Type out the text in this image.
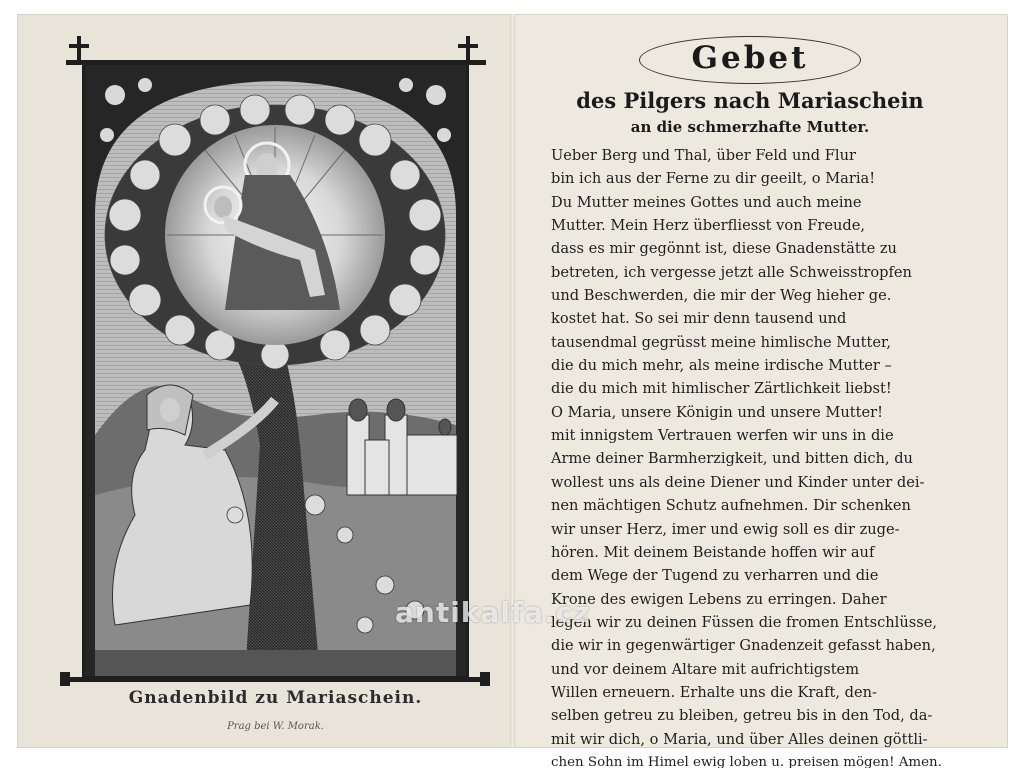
Gnadenbild zu Mariaschein.
Prag bei W. Morak.
Gebet
des Pilgers nach Mariaschein
an die schmerzhafte Mutter.
Ueber Berg und Thal, über Feld und Flur
bin ich aus der Ferne zu dir geeilt, o Maria!
Du Mutter meines Gottes und auch meine
Mutter. Mein Herz überfliesst von Freude,
dass es mir gegönnt ist, diese Gnadenstätte zu
betreten, ich vergesse jetzt alle Schweisstropfen
und Beschwerden, die mir der Weg hieher ge.
kostet hat. So sei mir denn tausend und
tausendmal gegrüsst meine himlische Mutter,
die du mich mehr, als meine irdische Mutter –
die du mich mit himlischer Zärtlichkeit liebst!
O Maria, unsere Königin und unsere Mutter!
mit innigstem Vertrauen werfen wir uns in die
Arme deiner Barmherzigkeit, und bitten dich, du
wollest uns als deine Diener und Kinder unter dei-
nen mächtigen Schutz aufnehmen. Dir schenken
wir unser Herz, imer und ewig soll es dir zuge-
hören. Mit deinem Beistande hoffen wir auf
dem Wege der Tugend zu verharren und die
Krone des ewigen Lebens zu erringen. Daher
legen wir zu deinen Füssen die fromen Entschlüsse,
die wir in gegenwärtiger Gnadenzeit gefasst haben,
und vor deinem Altare mit aufrichtigstem
Willen erneuern. Erhalte uns die Kraft, den-
selben getreu zu bleiben, getreu bis in den Tod, da-
mit wir dich, o Maria, und über Alles deinen göttli-
chen Sohn im Himel ewig loben u. preisen mögen! Amen.
antikalfa.cz
